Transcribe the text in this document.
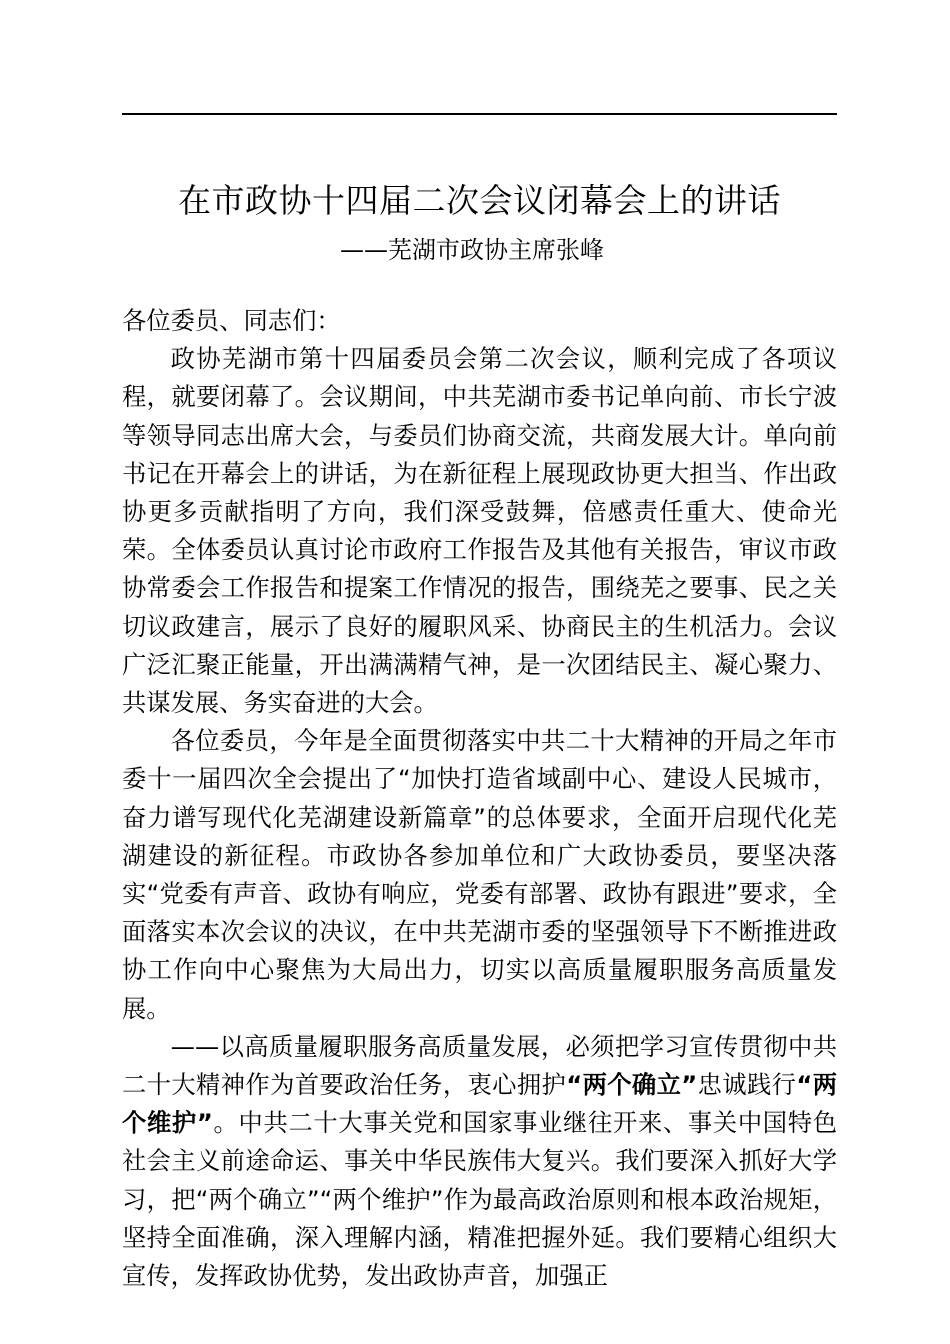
在市政协十四届二次会议闭幕会上的讲话
——芜湖市政协主席张峰

各位委员、同志们：

政协芜湖市第十四届委员会第二次会议，顺利完成了各项议程，就要闭幕了。会议期间，中共芜湖市委书记单向前、市长宁波等领导同志出席大会，与委员们协商交流，共商发展大计。单向前书记在开幕会上的讲话，为在新征程上展现政协更大担当、作出政协更多贡献指明了方向，我们深受鼓舞，倍感责任重大、使命光荣。全体委员认真讨论市政府工作报告及其他有关报告，审议市政协常委会工作报告和提案工作情况的报告，围绕芜之要事、民之关切议政建言，展示了良好的履职风采、协商民主的生机活力。会议广泛汇聚正能量，开出满满精气神，是一次团结民主、凝心聚力、共谋发展、务实奋进的大会。

各位委员，今年是全面贯彻落实中共二十大精神的开局之年市委十一届四次全会提出了“加快打造省域副中心、建设人民城市，奋力谱写现代化芜湖建设新篇章”的总体要求，全面开启现代化芜湖建设的新征程。市政协各参加单位和广大政协委员，要坚决落实“党委有声音、政协有响应，党委有部署、政协有跟进”要求，全面落实本次会议的决议，在中共芜湖市委的坚强领导下不断推进政协工作向中心聚焦为大局出力，切实以高质量履职服务高质量发展。

——以高质量履职服务高质量发展，必须把学习宣传贯彻中共二十大精神作为首要政治任务，衷心拥护“两个确立”忠诚践行“两个维护”。中共二十大事关党和国家事业继往开来、事关中国特色社会主义前途命运、事关中华民族伟大复兴。我们要深入抓好大学习，把“两个确立”“两个维护”作为最高政治原则和根本政治规矩，坚持全面准确，深入理解内涵，精准把握外延。我们要精心组织大宣传，发挥政协优势，发出政协声音，加强正
